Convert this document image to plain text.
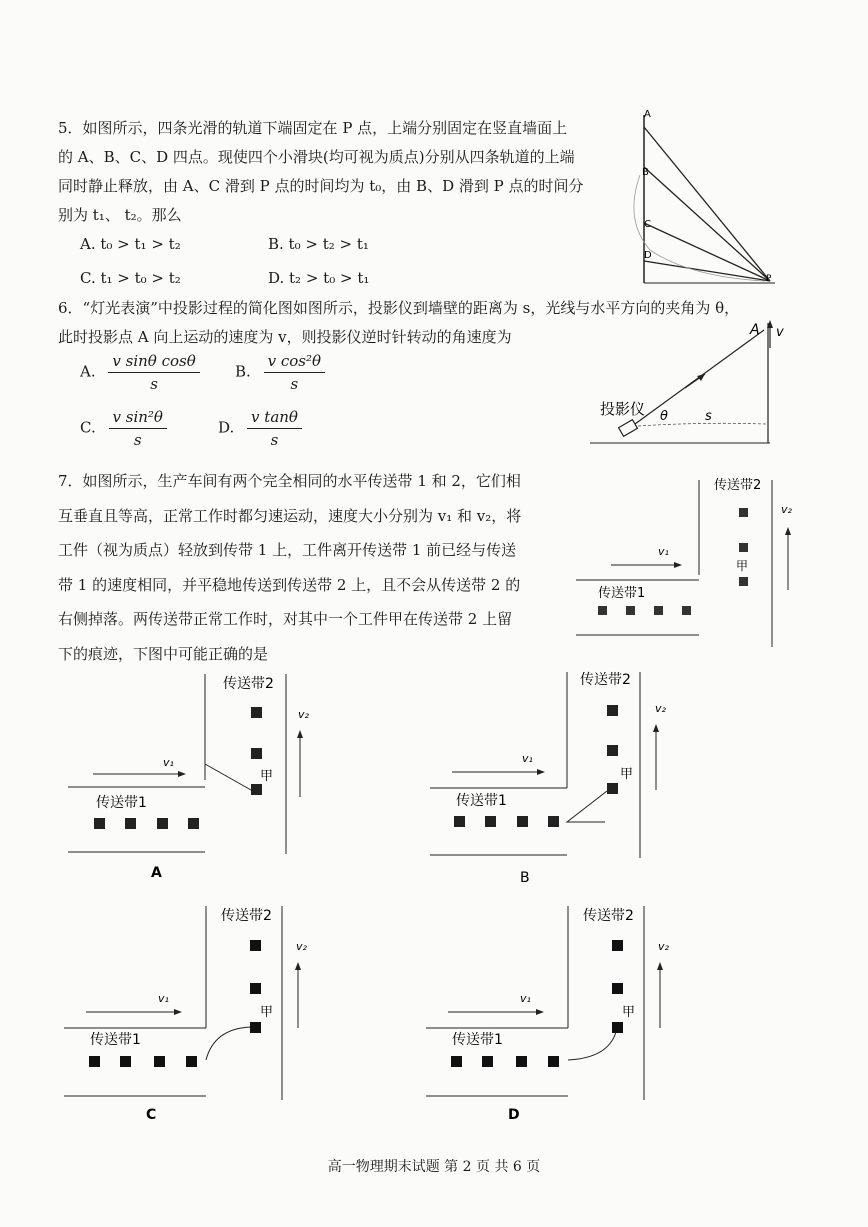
5．如图所示，四条光滑的轨道下端固定在 P 点，上端分别固定在竖直墙面上
的 A、B、C、D 四点。现使四个小滑块(均可视为质点)分别从四条轨道的上端
同时静止释放，由 A、C 滑到 P 点的时间均为 t₀，由 B、D 滑到 P 点的时间分
别为 t₁、 t₂。那么
A. t₀ > t₁ > t₂	B. t₀ > t₂ > t₁
C. t₁ > t₀ > t₂	D. t₂ > t₀ > t₁
A
B
C
D
P
6．“灯光表演”中投影过程的简化图如图所示，投影仪到墙壁的距离为 s，光线与水平方向的夹角为 θ，
此时投影点 A 向上运动的速度为 v，则投影仪逆时针转动的角速度为
A. $\frac{\text{v sinθ cosθ}}{s} B$. $\frac{\text{v cos²θ}}{s}$
C. $\frac{\text{v sin²θ}}{s}$	D. $\frac{\text{v tanθ}}{s}$	投影仪 θ	s
A v
7．如图所示，生产车间有两个完全相同的水平传送带 1 和 2，它们相
互垂直且等高，正常工作时都匀速运动，速度大小分别为 v₁ 和 v₂，将
工件（视为质点）轻放到传带 1 上，工件离开传送带 1 前已经与传送
带 1 的速度相同，并平稳地传送到传送带 2 上，且不会从传送带 2 的
右侧掉落。两传送带正常工作时，对其中一个工件甲在传送带 2 上留
下的痕迹，下图中可能正确的是
传送带2
v₂
v₁
传送带1
甲
传送带2
v₂
v₁
传送带1
甲
A
传送带2
v₂
v₁
传送带1
甲
B
传送带2
v₂
v₁
传送带1
甲
C
传送带2
v₂
v₁
传送带1
甲
D
高一物理期末试题 第 2 页 共 6 页
